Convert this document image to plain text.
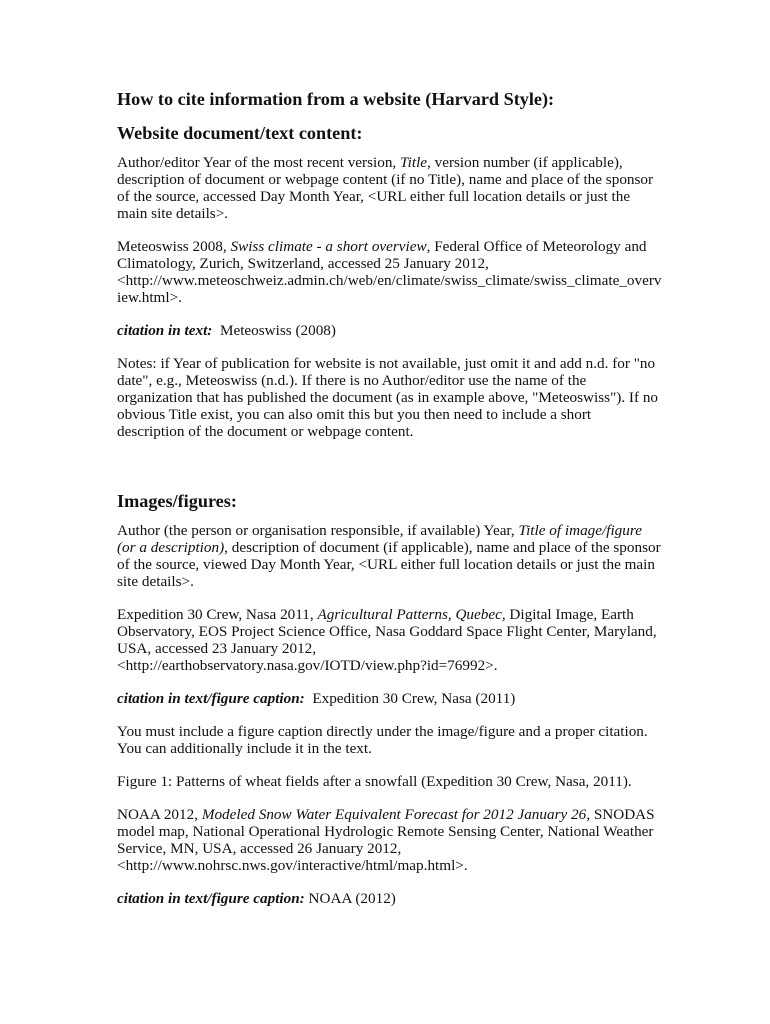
How to cite information from a website (Harvard Style):
Website document/text content:

Author/editor Year of the most recent version, Title, version number (if applicable), description of document or webpage content (if no Title), name and place of the sponsor of the source, accessed Day Month Year, <URL either full location details or just the main site details>.

Meteoswiss 2008, Swiss climate - a short overview, Federal Office of Meteorology and Climatology, Zurich, Switzerland, accessed 25 January 2012,
<http://www.meteoschweiz.admin.ch/web/en/climate/swiss_climate/swiss_climate_overview.html>.

citation in text: Meteoswiss (2008)

Notes: if Year of publication for website is not available, just omit it and add n.d. for "no date", e.g., Meteoswiss (n.d.). If there is no Author/editor use the name of the organization that has published the document (as in example above, "Meteoswiss"). If no obvious Title exist, you can also omit this but you then need to include a short description of the document or webpage content.

Images/figures:

Author (the person or organisation responsible, if available) Year, Title of image/figure (or a description), description of document (if applicable), name and place of the sponsor of the source, viewed Day Month Year, <URL either full location details or just the main site details>.

Expedition 30 Crew, Nasa 2011, Agricultural Patterns, Quebec, Digital Image, Earth Observatory, EOS Project Science Office, Nasa Goddard Space Flight Center, Maryland, USA, accessed 23 January 2012,
<http://earthobservatory.nasa.gov/IOTD/view.php?id=76992>.

citation in text/figure caption: Expedition 30 Crew, Nasa (2011)

You must include a figure caption directly under the image/figure and a proper citation. You can additionally include it in the text.

Figure 1: Patterns of wheat fields after a snowfall (Expedition 30 Crew, Nasa, 2011).

NOAA 2012, Modeled Snow Water Equivalent Forecast for 2012 January 26, SNODAS model map, National Operational Hydrologic Remote Sensing Center, National Weather Service, MN, USA, accessed 26 January 2012,
<http://www.nohrsc.nws.gov/interactive/html/map.html>.

citation in text/figure caption: NOAA (2012)
